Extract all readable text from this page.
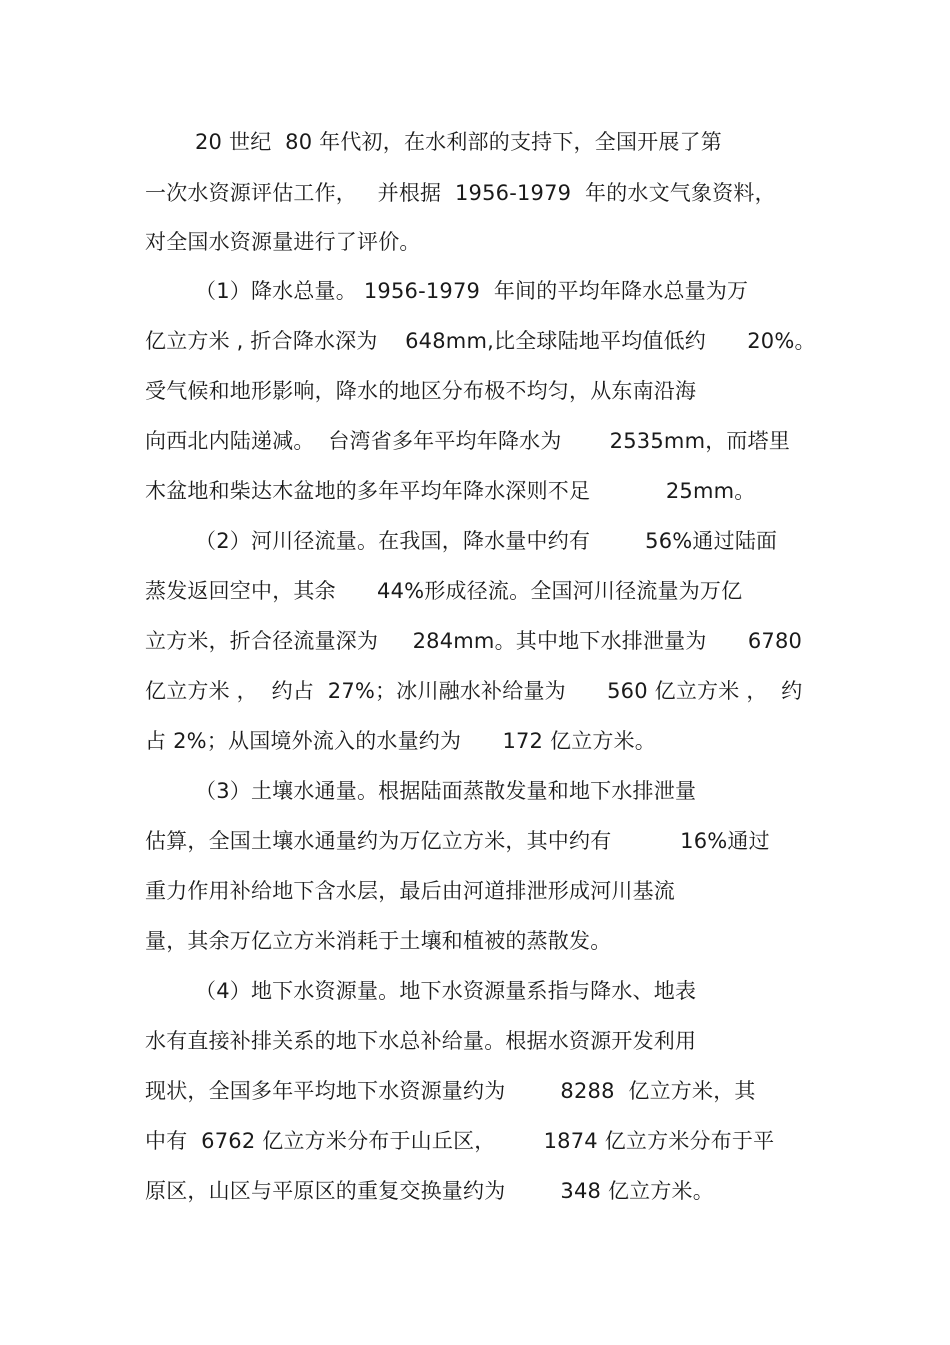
20 世纪  80 年代初，在水利部的支持下，全国开展了第
一次水资源评估工作，   并根据  1956-1979  年的水文气象资料，
对全国水资源量进行了评价。
（1）降水总量。 1956-1979  年间的平均年降水总量为万
亿立方米 , 折合降水深为    648mm,比全球陆地平均值低约      20%。
受气候和地形影响，降水的地区分布极不均匀，从东南沿海
向西北内陆递减。  台湾省多年平均年降水为       2535mm，而塔里
木盆地和柴达木盆地的多年平均年降水深则不足           25mm。
（2）河川径流量。在我国，降水量中约有        56%通过陆面
蒸发返回空中，其余      44%形成径流。全国河川径流量为万亿
立方米，折合径流量深为     284mm。其中地下水排泄量为      6780
亿立方米 ，  约占  27%；冰川融水补给量为      560 亿立方米 ，  约
占 2%；从国境外流入的水量约为      172 亿立方米。
（3）土壤水通量。根据陆面蒸散发量和地下水排泄量
估算，全国土壤水通量约为万亿立方米，其中约有          16%通过
重力作用补给地下含水层，最后由河道排泄形成河川基流
量，其余万亿立方米消耗于土壤和植被的蒸散发。
（4）地下水资源量。地下水资源量系指与降水、地表
水有直接补排关系的地下水总补给量。根据水资源开发利用
现状，全国多年平均地下水资源量约为        8288  亿立方米，其
中有  6762 亿立方米分布于山丘区，       1874 亿立方米分布于平
原区，山区与平原区的重复交换量约为        348 亿立方米。
